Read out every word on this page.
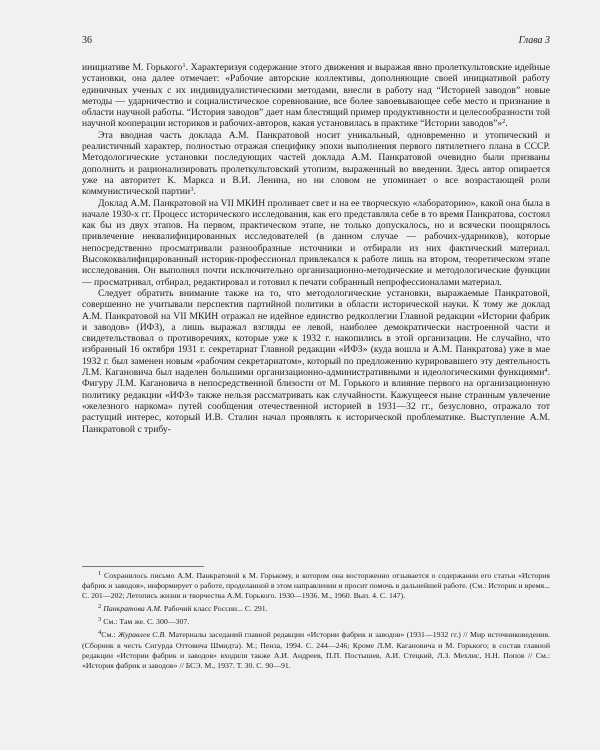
36	Глава 3

инициативе М. Горького$^1$. Характеризуя содержание этого движения и выражая явно пролеткультовские идейные установки, она далее отмечает: «Рабочие авторские коллективы, дополняющие своей инициативой работу единичных ученых с их индивидуалистическими методами, внесли в работу над “Историей заводов” новые методы — ударничество и социалистическое соревнование, все более завоевывающее себе место и признание в области научной работы. “История заводов” дает нам блестящий пример продуктивности и целесообразности той научной кооперации историков и рабочих-авторов, какая установилась в практике “Истории заводов”»$^2$.

Эта вводная часть доклада А.М. Панкратовой носит уникальный, одновременно и утопический и реалистичный характер, полностью отражая специфику эпохи выполнения первого пятилетнего плана в СССР. Методологические установки последующих частей доклада А.М. Панкратовой очевидно были призваны дополнить и рационализировать пролеткультовский утопизм, выраженный во введении. Здесь автор опирается уже на авторитет К. Маркса и В.И. Ленина, но ни словом не упоминает о все возрастающей роли коммунистической партии$^3$.

Доклад А.М. Панкратовой на VII МКИН проливает свет и на ее творческую «лабораторию», какой она была в начале 1930-х гг. Процесс исторического исследования, как его представляла себе в то время Панкратова, состоял как бы из двух этапов. На первом, практическом этапе, не только допускалось, но и всячески поощрялось привлечение неквалифицированных исследователей (в данном случае — рабочих-ударников), которые непосредственно просматривали разнообразные источники и отбирали из них фактический материал. Высококвалифицированный историк-профессионал привлекался к работе лишь на втором, теоретическом этапе исследования. Он выполнял почти исключительно организационно-методические и методологические функции — просматривал, отбирал, редактировал и готовил к печати собранный непрофессионалами материал.

Следует обратить внимание также на то, что методологические установки, выражаемые Панкратовой, совершенно не учитывали перспектив партийной политики в области исторической науки. К тому же доклад А.М. Панкратовой на VII МКИН отражал не идейное единство редколлегии Главной редакции «Истории фабрик и заводов» (ИФЗ), а лишь выражал взгляды ее левой, наиболее демократически настроенной части и свидетельствовал о противоречиях, которые уже к 1932 г. накопились в этой организации. Не случайно, что избранный 16 октября 1931 г. секретариат Главной редакции «ИФЗ» (куда вошла и А.М. Панкратова) уже в мае 1932 г. был заменен новым «рабочим секретариатом», который по предложению курировавшего эту деятельность Л.М. Кагановича был наделен большими организационно-административными и идеологическими функциями$^4$. Фигуру Л.М. Кагановича в непосредственной близости от М. Горького и влияние первого на организационную политику редакции «ИФЗ» также нельзя рассматривать как случайности. Кажущееся ныне странным увлечение «железного наркома» путей сообщения отечественной историей в 1931—32 гг., безусловно, отражало тот растущий интерес, который И.В. Сталин начал проявлять к исторической проблематике. Выступление А.М. Панкратовой с трибу-

$^1$ Сохранилось письмо А.М. Панкратовой к М. Горькому, в котором она восторженно отзывается о содержании его статьи «История фабрик и заводов», информирует о работе, проделанной в этом направлении и просит помочь в дальнейшей работе. (См.: Историк и время... С. 201—202; Летопись жизни и творчества А.М. Горького. 1930—1936. М., 1960. Вып. 4. С. 147).

$^2$ Панкратова А.М. Рабочий класс России... С. 291.

$^3$ См.: Там же. С. 300—307.

$^4$См.: Журавлев С.В. Материалы заседаний главной редакции «Истории фабрик и заводов» (1931—1932 гг.) // Мир источниковедения. (Сборник в честь Сигурда Оттовича Шмидта). М.; Пенза, 1994. С. 244—246; Кроме Л.М. Кагановича и М. Горького; в состав главной редакции «Истории фабрик и заводов» входили также А.И. Андреев, П.П. Постышев, А.И. Стецкий, Л.З. Мехлис, Н.Н. Попов // См.: «История фабрик и заводов» // БСЭ. М., 1937. Т. 30. С. 90—91.
